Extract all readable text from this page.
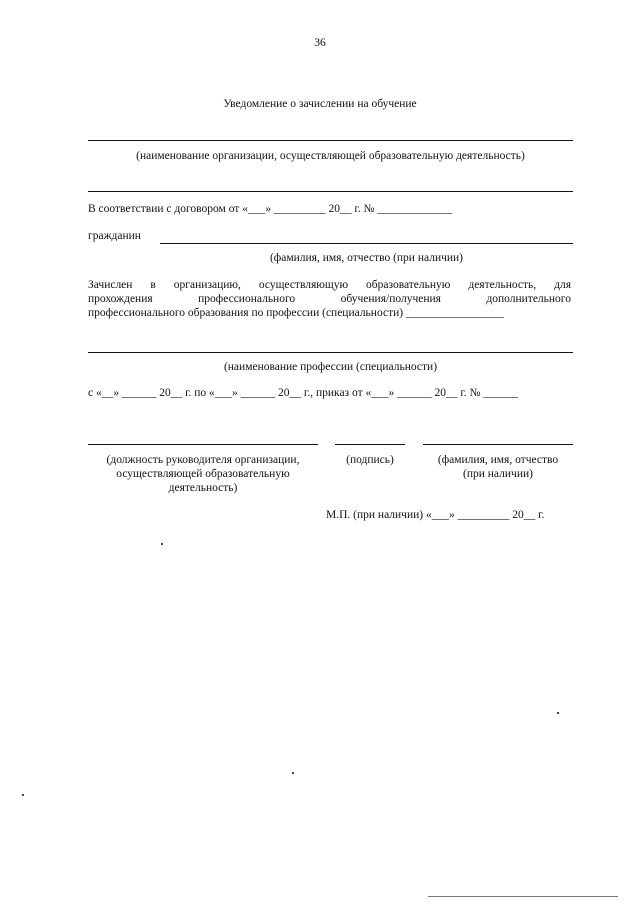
36
Уведомление о зачислении на обучение
(наименование организации, осуществляющей образовательную деятельность)
В соответствии с договором от «___» _________ 20__ г. № _____________
гражданин
(фамилия, имя, отчество (при наличии)
Зачислен в организацию, осуществляющую образовательную деятельность, для
прохождения профессионального обучения/получения дополнительного
профессионального образования по профессии (специальности) _________________
(наименование профессии (специальности)
с «__» ______ 20__ г. по «___» ______ 20__ г., приказ от «___» ______ 20__ г. № ______
(должность руководителя организации,
осуществляющей образовательную
деятельность)
(подпись)	(фамилия, имя, отчество
(при наличии)
М.П. (при наличии) «___» _________ 20__ г.
